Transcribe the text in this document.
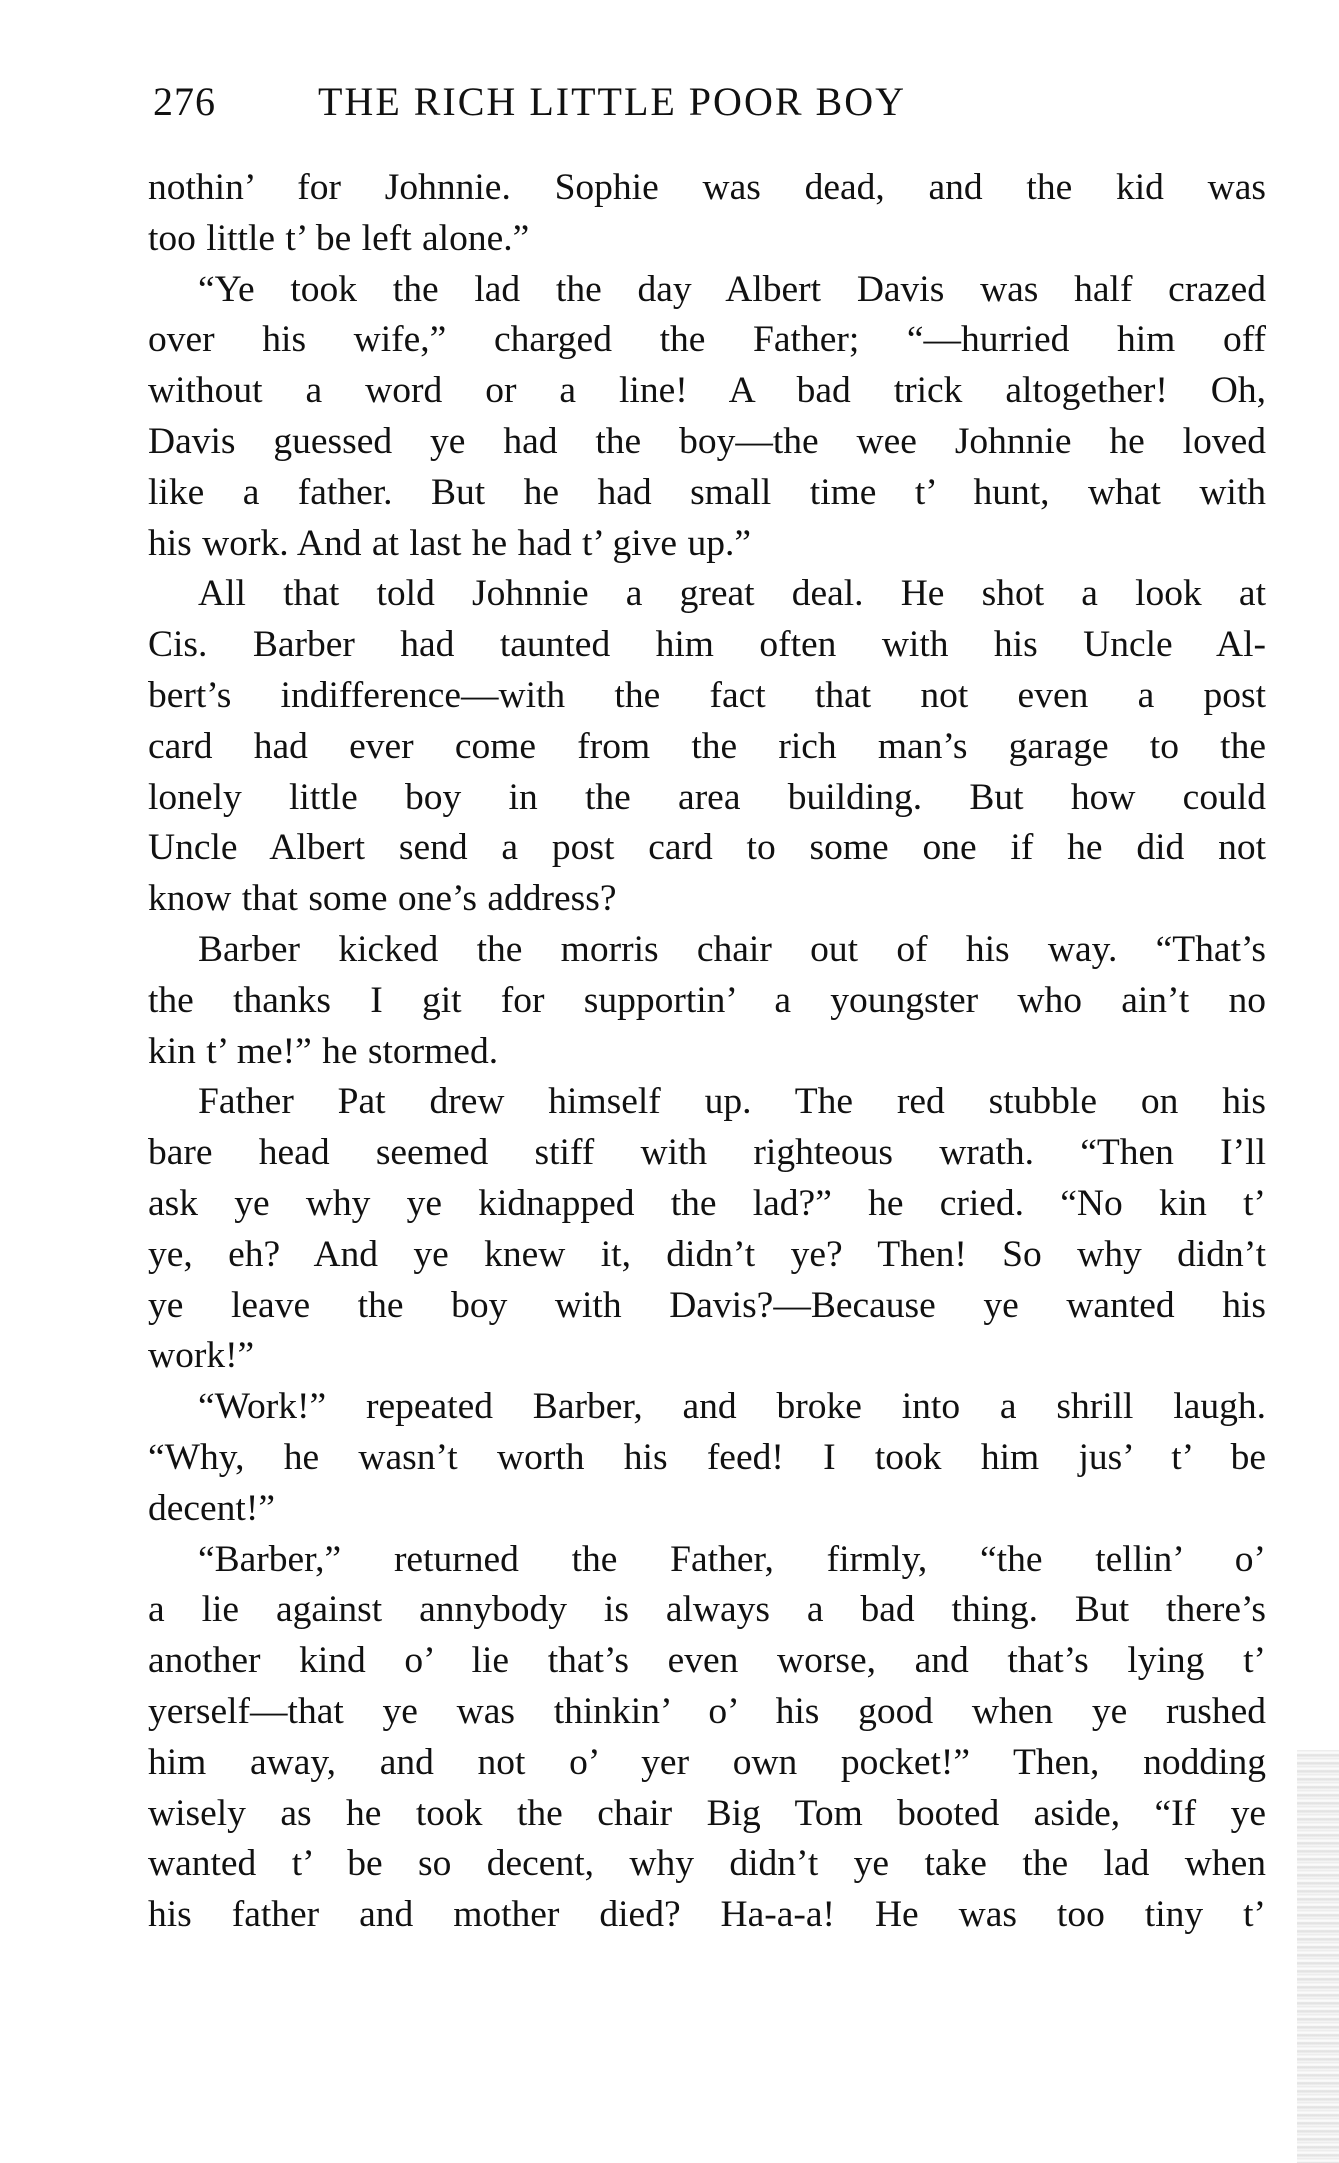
276	THE RICH LITTLE POOR BOY
nothin’ for Johnnie. Sophie was dead, and the kid was
too little t’ be left alone.”
“Ye took the lad the day Albert Davis was half crazed
over his wife,” charged the Father; “—hurried him off
without a word or a line! A bad trick altogether! Oh,
Davis guessed ye had the boy—the wee Johnnie he loved
like a father. But he had small time t’ hunt, what with
his work. And at last he had t’ give up.”
All that told Johnnie a great deal. He shot a look at
Cis. Barber had taunted him often with his Uncle Al-
bert’s indifference—with the fact that not even a post
card had ever come from the rich man’s garage to the
lonely little boy in the area building. But how could
Uncle Albert send a post card to some one if he did not
know that some one’s address?
Barber kicked the morris chair out of his way. “That’s
the thanks I git for supportin’ a youngster who ain’t no
kin t’ me!” he stormed.
Father Pat drew himself up. The red stubble on his
bare head seemed stiff with righteous wrath. “Then I’ll
ask ye why ye kidnapped the lad?” he cried. “No kin t’
ye, eh? And ye knew it, didn’t ye? Then! So why didn’t
ye leave the boy with Davis?—Because ye wanted his
work!”
“Work!” repeated Barber, and broke into a shrill laugh.
“Why, he wasn’t worth his feed! I took him jus’ t’ be
decent!”
“Barber,” returned the Father, firmly, “the tellin’ o’
a lie against annybody is always a bad thing. But there’s
another kind o’ lie that’s even worse, and that’s lying t’
yerself—that ye was thinkin’ o’ his good when ye rushed
him away, and not o’ yer own pocket!” Then, nodding
wisely as he took the chair Big Tom booted aside, “If ye
wanted t’ be so decent, why didn’t ye take the lad when
his father and mother died? Ha-a-a! He was too tiny t’
